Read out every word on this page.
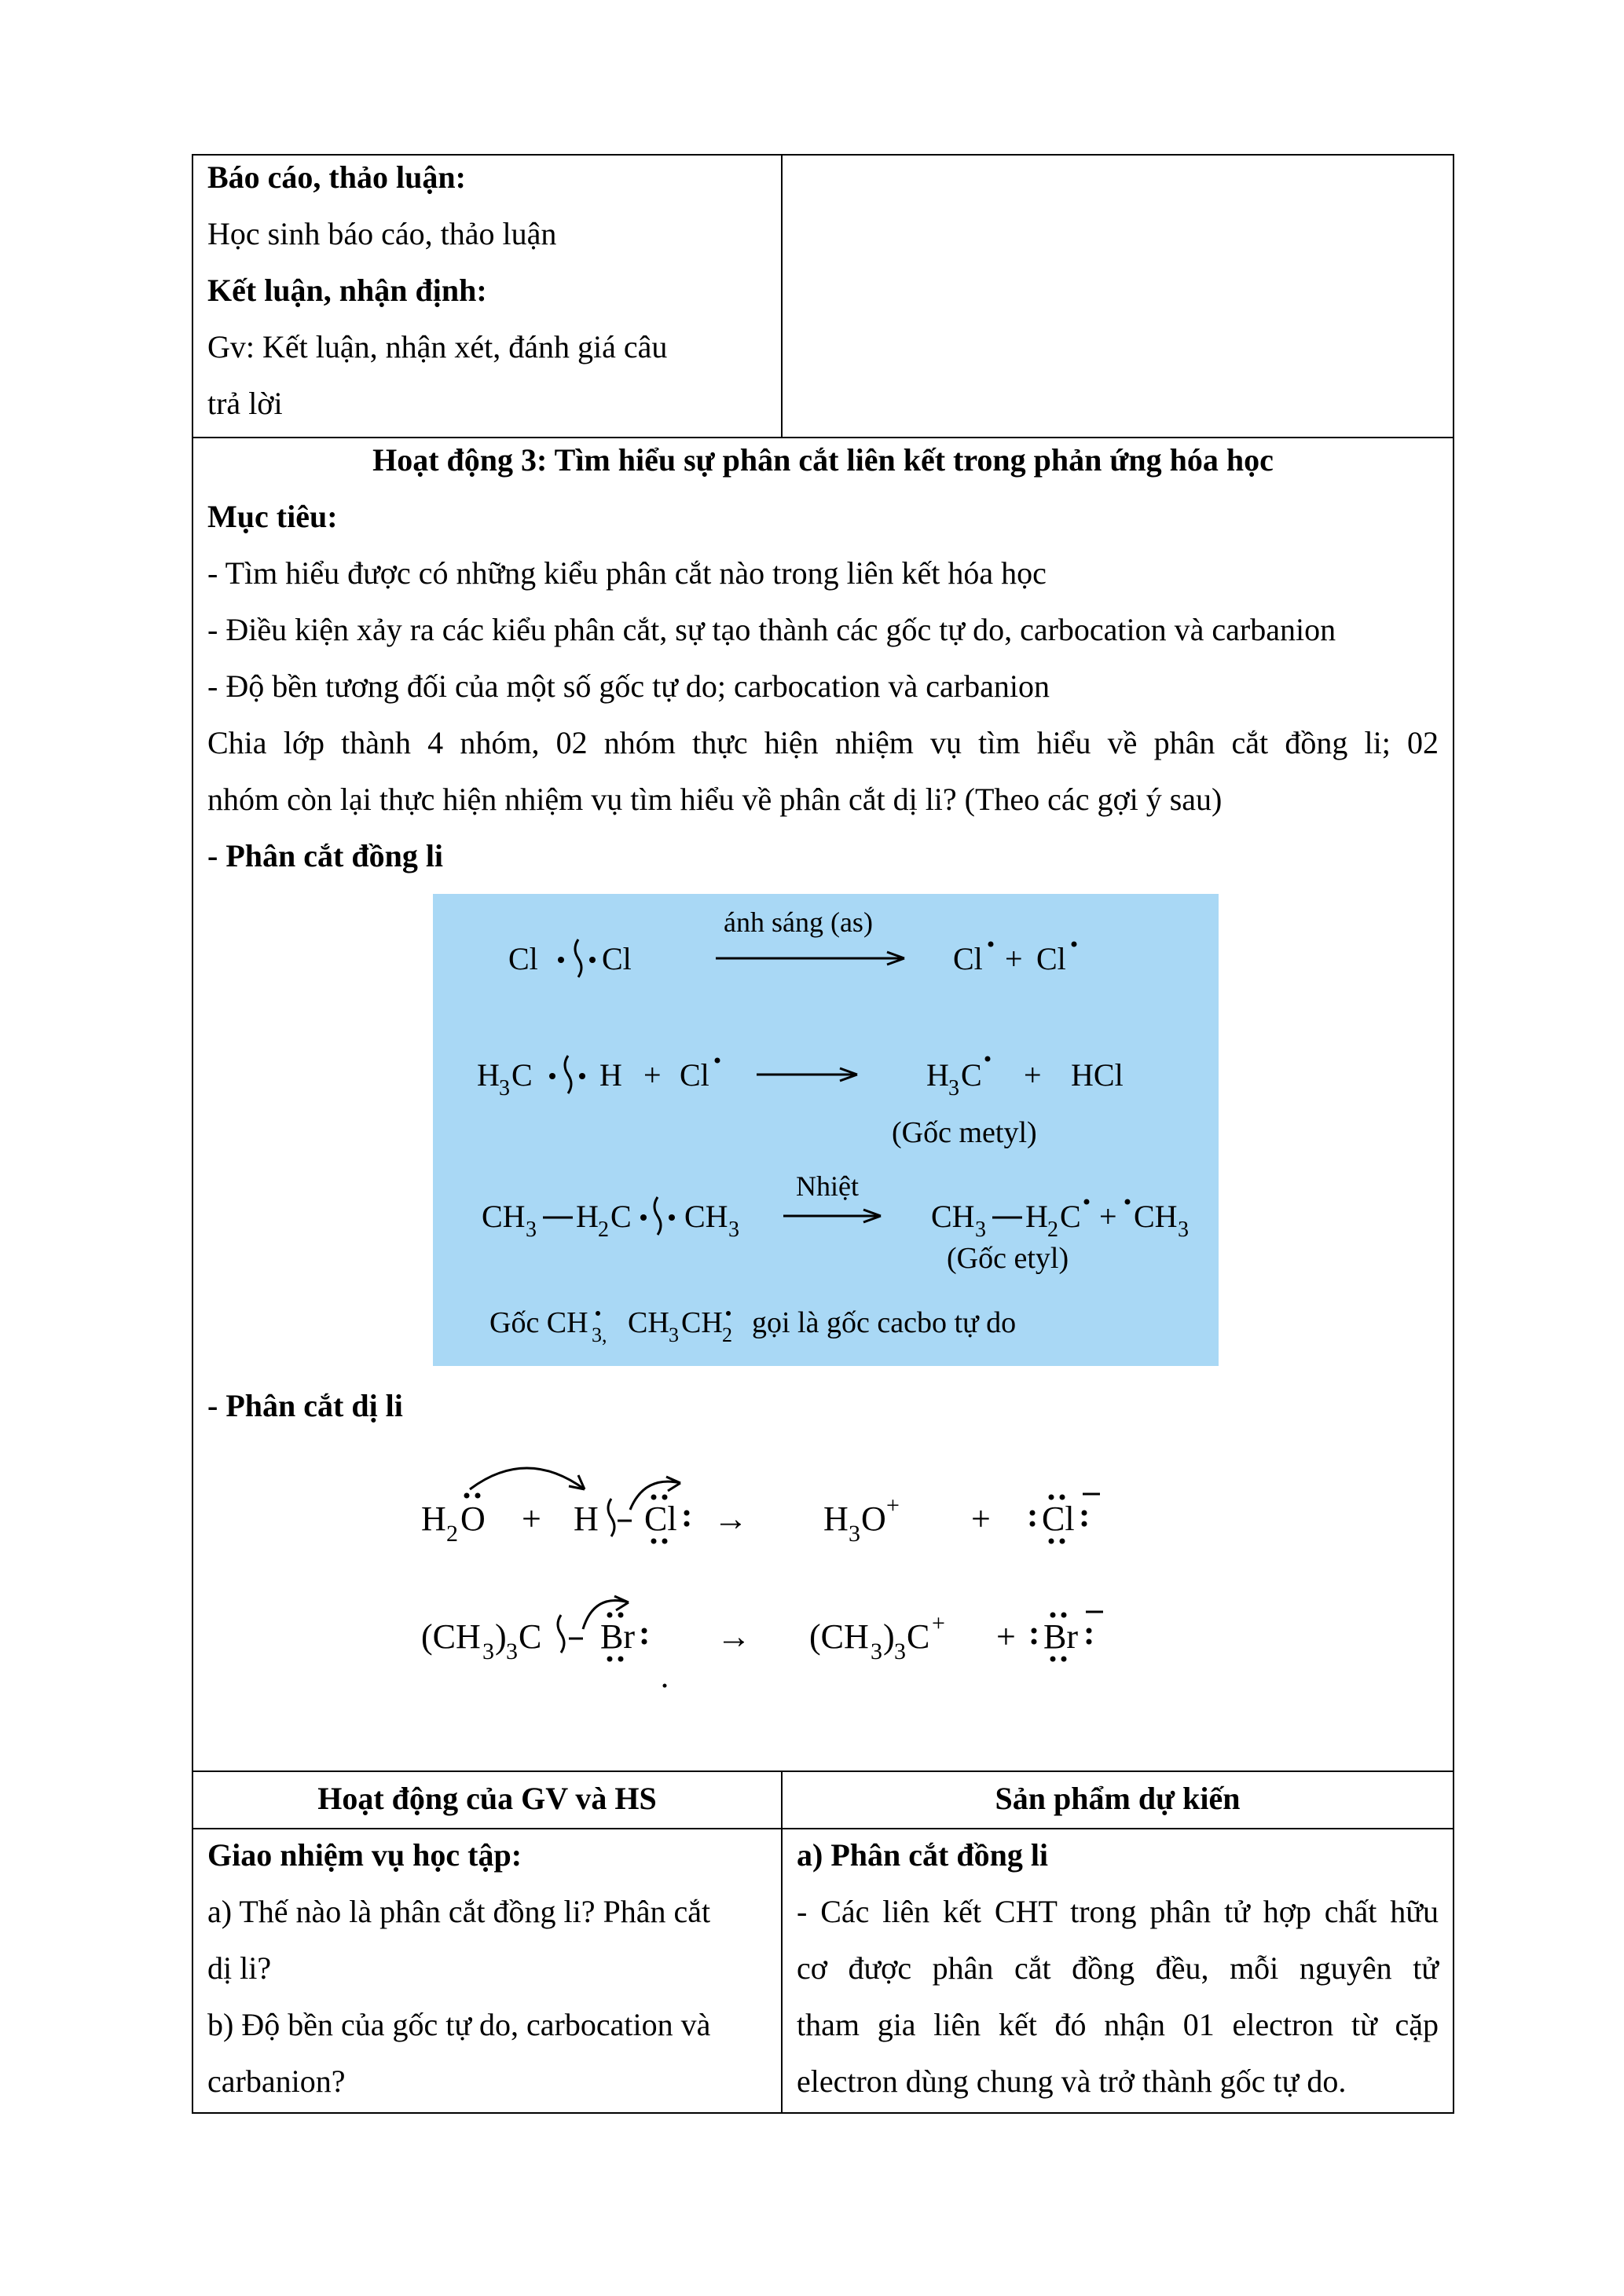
Báo cáo, thảo luận:
Học sinh báo cáo, thảo luận
Kết luận, nhận định:
Gv: Kết luận, nhận xét, đánh giá câu
trả lời
Hoạt động 3: Tìm hiểu sự phân cắt liên kết trong phản ứng hóa học
Mục tiêu:
- Tìm hiểu được có những kiểu phân cắt nào trong liên kết hóa học
- Điều kiện xảy ra các kiểu phân cắt, sự tạo thành các gốc tự do, carbocation và carbanion
- Độ bền tương đối của một số gốc tự do; carbocation và carbanion
Chia lớp thành 4 nhóm, 02 nhóm thực hiện nhiệm vụ tìm hiểu về phân cắt đồng li; 02
nhóm còn lại thực hiện nhiệm vụ tìm hiểu về phân cắt dị li? (Theo các gợi ý sau)
- Phân cắt đồng li
Cl Cl
ánh sáng (as)
Cl + Cl
H 3 C H + Cl	H 3 C + HCl
(Gốc metyl)
CH 3 H 2 C CH 3
Nhiệt
CH 3 H 2 C + CH 3
(Gốc etyl)
Gốc CH 3, CH 3 CH 2 gọi là gốc cacbo tự do
- Phân cắt dị li
H 2 O + H Cl → H 3 O + + Cl
(CH 3 ) 3 C Br → (CH 3 ) 3 C + + Br
Hoạt động của GV và HS	Sản phẩm dự kiến
Giao nhiệm vụ học tập:
a) Thế nào là phân cắt đồng li? Phân cắt
dị li?
b) Độ bền của gốc tự do, carbocation và
carbanion?
a) Phân cắt đồng li
- Các liên kết CHT trong phân tử hợp chất hữu
cơ được phân cắt đồng đều, mỗi nguyên tử
tham gia liên kết đó nhận 01 electron từ cặp
electron dùng chung và trở thành gốc tự do.
